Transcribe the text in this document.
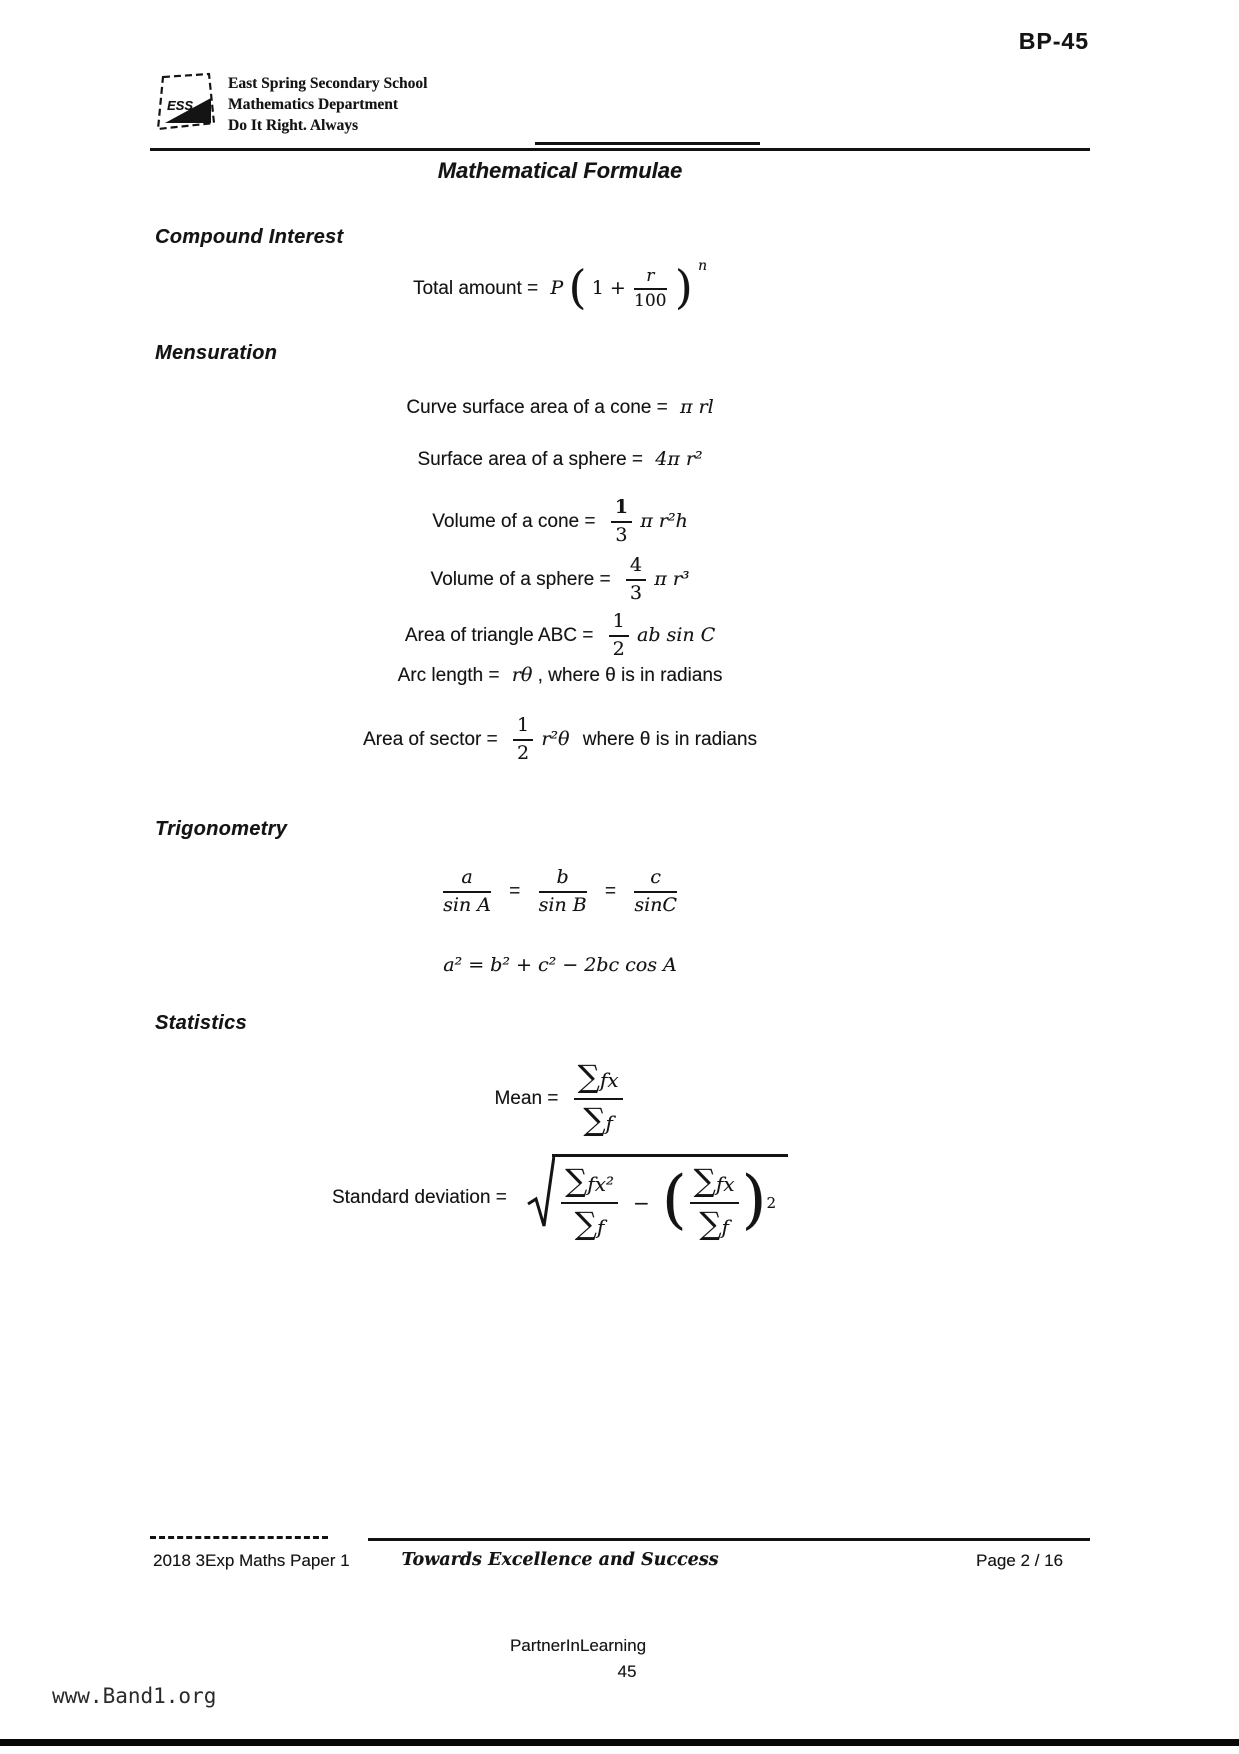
BP-45
ESS
East Spring Secondary School
Mathematics Department
Do It Right. Always
Mathematical Formulae
Compound Interest
Total amount = P ( $1 + \frac{r}{100}$ ) $^n$
Mensuration
Curve surface area of a cone = π rl
Surface area of a sphere = 4π r²
Volume of a cone = $\frac{1}{3}$ π r²h
Volume of a sphere = $\frac{4}{3}$ π r³
Area of triangle ABC = $\frac{1}{2}$ ab sin C
Arc length = rθ , where θ is in radians
Area of sector = $\frac{1}{2} r^2\theta$ where θ is in radians
Trigonometry
$\frac{a}{\text{sin A}} = \frac{b}{\text{sin B}} = \frac{c}{\sin C}$
a² = b² + c² − 2bc cos A
Statistics
Mean = $\frac{\sum fx}{\sum f}$
Standard deviation =	$\frac{\text{∑fx²}}{\sum f}$ − ( $\frac{\sum fx}{\sum f}$ ) 2
2018 3Exp Maths Paper 1	Towards Excellence and Success	Page 2 / 16
PartnerInLearning
45
www.Band1.org
